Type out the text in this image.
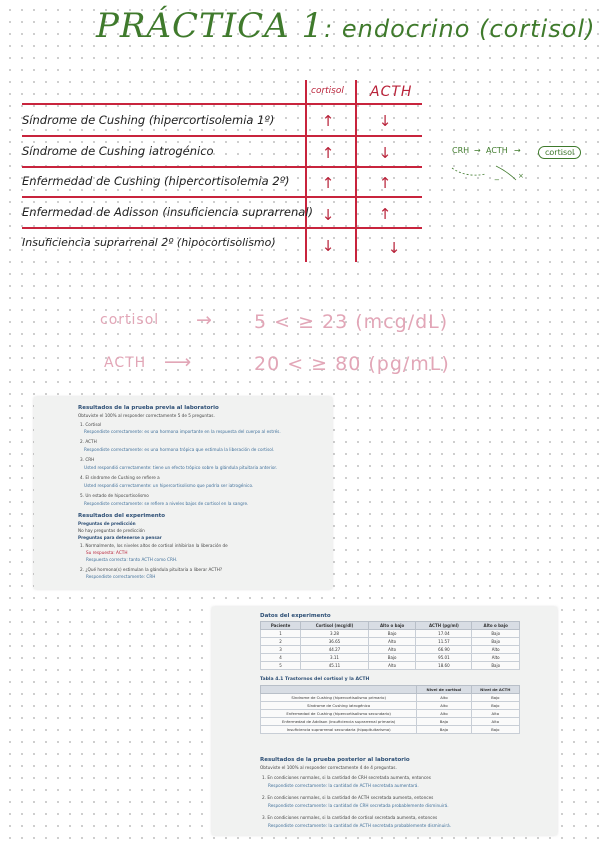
PRÁCTICA 1: endocrino (cortisol)
cortisol ACTH
Síndrome de Cushing (hipercortisolemia 1º)	↑	↓
Síndrome de Cushing iatrogénico	↑	↓
Enfermedad de Cushing (hipercortisolemia 2º) ↑	↑
Enfermedad de Adisson (insuficiencia suprarrenal) ↓	↑
Insuficiencia suprarrenal 2º (hipocortisolismo)	↓	↓
CRH → ACTH →	cortisol
−	×
cortisol → 5 < ≥ 23 (mcg/dL)
ACTH ⟶	20 < ≥ 80 (pg/mL)
Resultados de la prueba previa al laboratorio
Obtuviste el 100% al responder correctamente 5 de 5 preguntas.
1. Cortisol
Respondiste correctamente: es una hormona importante en la respuesta del cuerpo al estrés.
2. ACTH
Respondiste correctamente: es una hormona trópica que estimula la liberación de cortisol.
3. CRH
Usted respondió correctamente: tiene un efecto trópico sobre la glándula pituitaria anterior.
4. El síndrome de Cushing se refiere a
Usted respondió correctamente: un hipercortisolismo que podría ser iatrogénico.
5. Un estado de hipocortisolismo
Respondiste correctamente: se refiere a niveles bajos de cortisol en la sangre.
Resultados del experimento
Preguntas de predicción
No hay preguntas de predicción
Preguntas para detenerse a pensar
1. Normalmente, los niveles altos de cortisol inhibirían la liberación de
Su respuesta: ACTH
Respuesta correcta: tanto ACTH como CRH.
2. ¿Qué hormona(s) estimulan la glándula pituitaria a liberar ACTH?
Respondiste correctamente: CRH
Datos del experimento
Paciente	Cortisol (mcg/dl)	Alto o bajo	ACTH (pg/ml)	Alto o bajo
1	3.28	Bajo	17.04	Bajo
2	36.65	Alto	11.57	Bajo
3	44.27	Alto	66.90	Alto
4	3.11	Bajo	95.01	Alto
5	45.11	Alto	18.60	Bajo
Tabla 4.1 Trastornos del cortisol y la ACTH
	Nivel de cortisol	Nivel de ACTH
Síndrome de Cushing (hipercortisolismo primario)	Alto	Bajo
Síndrome de Cushing iatrogénico	Alto	Bajo
Enfermedad de Cushing (hipercortisolismo secundario)	Alto	Alto
Enfermedad de Addison (insuficiencia suprarrenal primaria)	Bajo	Alto
Insuficiencia suprarrenal secundaria (hipopituitarismo)	Bajo	Bajo
Resultados de la prueba posterior al laboratorio
Obtuviste el 100% al responder correctamente 4 de 4 preguntas.
1. En condiciones normales, si la cantidad de CRH secretada aumenta, entonces
Respondiste correctamente: la cantidad de ACTH secretada aumentará.
2. En condiciones normales, si la cantidad de ACTH secretada aumenta, entonces
Respondiste correctamente: la cantidad de CRH secretada probablemente disminuirá.
3. En condiciones normales, si la cantidad de cortisol secretada aumenta, entonces
Respondiste correctamente: la cantidad de ACTH secretada probablemente disminuirá.
